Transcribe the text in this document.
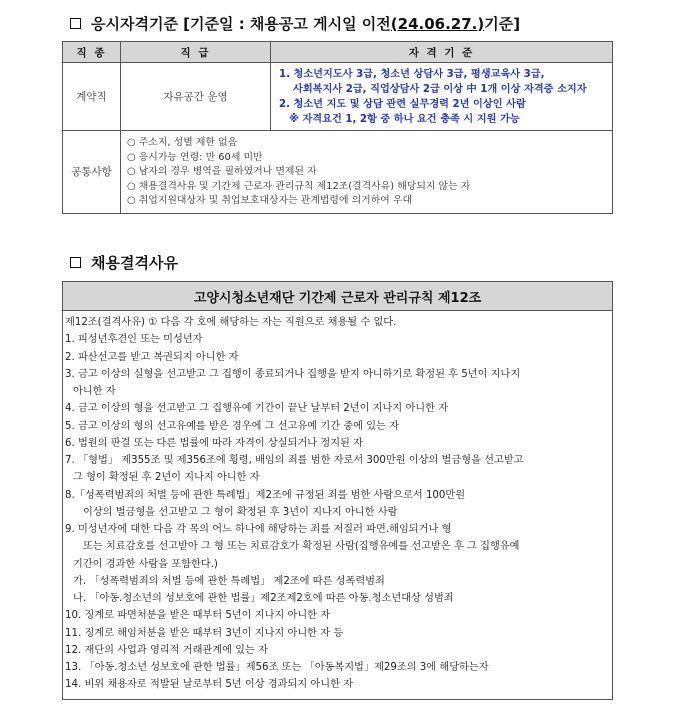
응시자격기준 [기준일 : 채용공고 게시일 이전 (24.06.27.) 기준]
직 종	직 급	자 격 기 준
계약직	자유공간 운영	1. 청소년지도사 3급, 청소년 상담사 3급, 평생교육사 3급,
사회복지사 2급, 직업상담사 2급 이상 中 1개 이상 자격증 소지자
2. 청소년 지도 및 상담 관련 실무경력 2년 이상인 사람
※ 자격요건 1, 2항 중 하나 요건 충족 시 지원 가능

공통사항	○ 주소지, 성별 제한 없음
○ 응시가능 연령: 만 60세 미만
○ 남자의 경우 병역을 필하였거나 면제된 자
○ 채용결격사유 및 기간제 근로자 관리규칙 제12조(결격사유) 해당되지 않는 자
○ 취업지원대상자 및 취업보호대상자는 관계법령에 의거하여 우대	
채용결격사유
고양시청소년재단 기간제 근로자 관리규칙 제12조

제12조(결격사유) ① 다음 각 호에 해당하는 자는 직원으로 채용될 수 없다.
1. 피성년후견인 또는 미성년자
2. 파산선고를 받고 복권되지 아니한 자
3. 금고 이상의 실형을 선고받고 그 집행이 종료되거나 집행을 받지 아니하기로 확정된 후 5년이 지나지
아니한 자
4. 금고 이상의 형을 선고받고 그 집행유예 기간이 끝난 날부터 2년이 지나지 아니한 자
5. 금고 이상의 형의 선고유예를 받은 경우에 그 선고유예 기간 중에 있는 자
6. 법원의 판결 또는 다른 법률에 따라 자격이 상실되거나 정지된 자
7. 「형법」 제355조 및 제356조에 횡령, 배임의 죄를 범한 자로서 300만원 이상의 벌금형을 선고받고
그 형이 확정된 후 2년이 지나지 아니한 자
8.「성폭력범죄의 처벌 등에 관한 특례법」제2조에 규정된 죄를 범한 사람으로서 100만원
이상의 벌금형을 선고받고 그 형이 확정된 후 3년이 지나지 아니한 사람
9. 미성년자에 대한 다음 각 목의 어느 하나에 해당하는 죄를 저질러 파면.해임되거나 형
또는 치료감호를 선고받아 그 형 또는 치료감호가 확정된 사람(집행유예를 선고받은 후 그 집행유예
기간이 경과한 사람을 포함한다.)
가. 「성폭력범죄의 처벌 등에 관한 특례법」 제2조에 따른 성폭력범죄
나. 「아동.청소년의 성보호에 관한 법률」제2조제2호에 따른 아동.청소년대상 성범죄
10. 징계로 파면처분을 받은 때부터 5년이 지나지 아니한 자
11. 징계로 해임처분을 받은 때부터 3년이 지나지 아니한 자 등
12. 재단의 사업과 영리적 거래관계에 있는 자
13. 「아동.청소년 성보호에 관한 법률」제56조 또는 「아동복지법」제29조의 3에 해당하는자
14. 비위 채용자로 적발된 날로부터 5년 이상 경과되지 아니한 자
